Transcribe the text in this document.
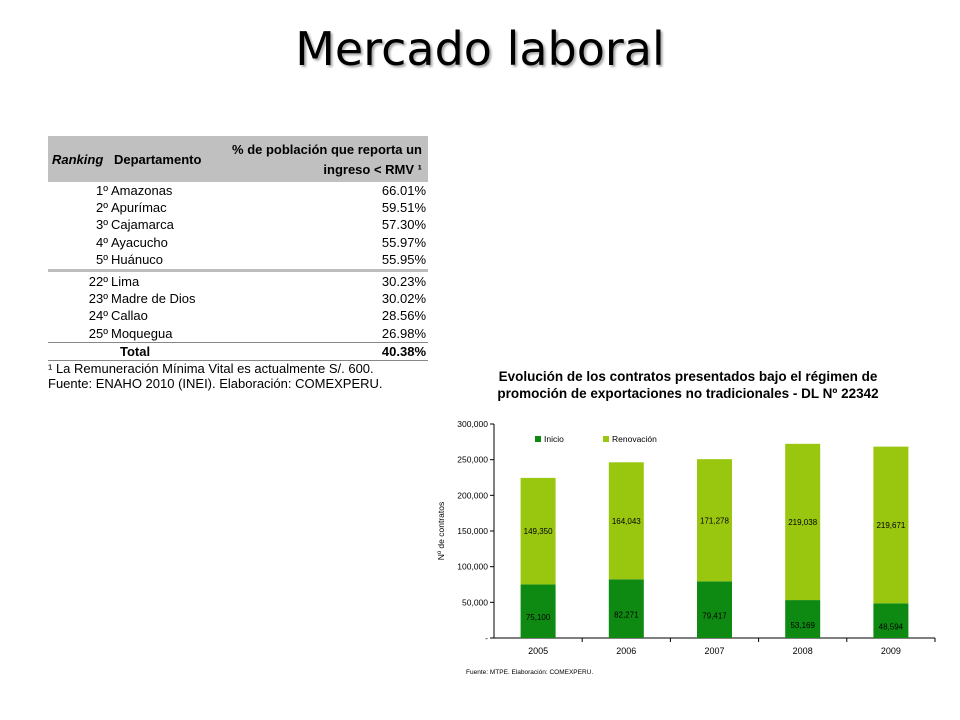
Mercado laboral
Ranking Departamento
% de población que reporta un
ingreso < RMV ¹
1º Amazonas	66.01%
2º Apurímac	59.51%
3º Cajamarca	57.30%
4º Ayacucho	55.97%
5º Huánuco	55.95%
22º Lima	30.23%
23º Madre de Dios	30.02%
24º Callao	28.56%
25º Moquegua	26.98%
Total	40.38%
¹ La Remuneración Mínima Vital es actualmente S/. 600.
Fuente: ENAHO 2010 (INEI). Elaboración: COMEXPERU.	Evolución de los contratos presentados bajo el régimen de
promoción de exportaciones no tradicionales - DL Nº 22342
-
50,000
100,000
150,000
200,000
250,000
300,000
Nº de contratos
Inicio	Renovación
75,100
149,350
2005
82,271
164,043
2006
79,417
171,278
2007
53,169
219,038
2008
48,594
219,671
2009
Fuente: MTPE. Elaboración: COMEXPERU.
